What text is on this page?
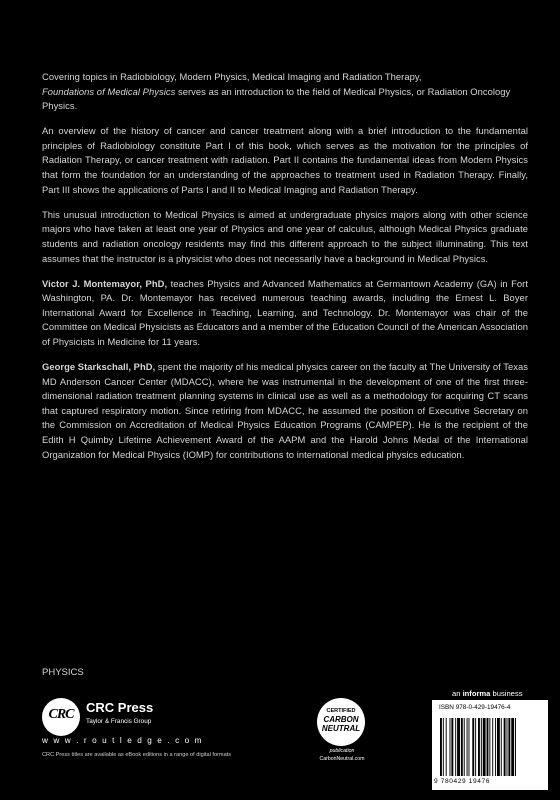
Covering topics in Radiobiology, Modern Physics, Medical Imaging and Radiation Therapy,
Foundations of Medical Physics serves as an introduction to the field of Medical Physics, or Radiation Oncology Physics.

An overview of the history of cancer and cancer treatment along with a brief introduction to the fundamental principles of Radiobiology constitute Part I of this book, which serves as the motivation for the principles of Radiation Therapy, or cancer treatment with radiation. Part II contains the fundamental ideas from Modern Physics that form the foundation for an understanding of the approaches to treatment used in Radiation Therapy. Finally, Part III shows the applications of Parts I and II to Medical Imaging and Radiation Therapy.

This unusual introduction to Medical Physics is aimed at undergraduate physics majors along with other science majors who have taken at least one year of Physics and one year of calculus, although Medical Physics graduate students and radiation oncology residents may find this different approach to the subject illuminating. This text assumes that the instructor is a physicist who does not necessarily have a background in Medical Physics.

Victor J. Montemayor, PhD, teaches Physics and Advanced Mathematics at Germantown Academy (GA) in Fort Washington, PA. Dr. Montemayor has received numerous teaching awards, including the Ernest L. Boyer International Award for Excellence in Teaching, Learning, and Technology. Dr. Montemayor was chair of the Committee on Medical Physicists as Educators and a member of the Education Council of the American Association of Physicists in Medicine for 11 years.

George Starkschall, PhD, spent the majority of his medical physics career on the faculty at The University of Texas MD Anderson Cancer Center (MDACC), where he was instrumental in the development of one of the first three-dimensional radiation treatment planning systems in clinical use as well as a methodology for acquiring CT scans that captured respiratory motion. Since retiring from MDACC, he assumed the position of Executive Secretary on the Commission on Accreditation of Medical Physics Education Programs (CAMPEP). He is the recipient of the Edith H Quimby Lifetime Achievement Award of the AAPM and the Harold Johns Medal of the International Organization for Medical Physics (IOMP) for contributions to international medical physics education.

PHYSICS
CRC CRC Press
Taylor & Francis Group
w w w . r o u t l e d g e . c o m
CRC Press titles are available as eBook editions in a range of digital formats
CERTIFIED
CARBON
NEUTRAL
publication
CarbonNeutral.com
an informa business
ISBN 978-0-429-19476-4
9 780429 19476
